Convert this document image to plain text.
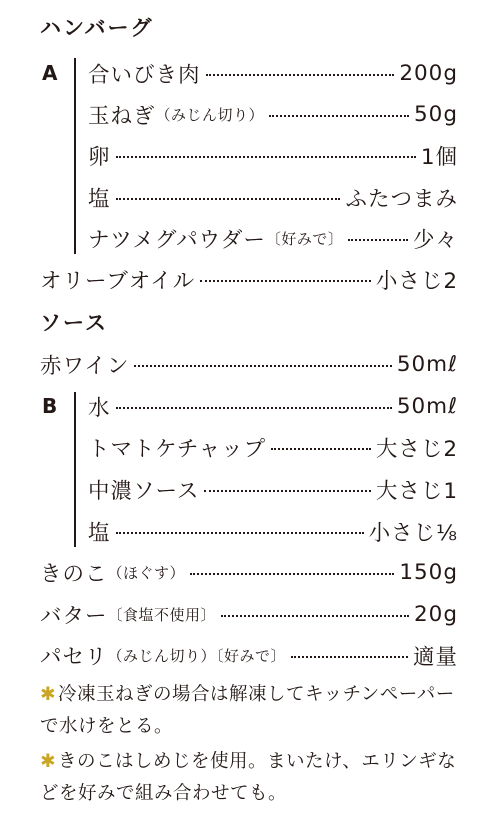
ハンバーグ
A 合いびき肉	200g
玉ねぎ （みじん切り）	50g
卵	1個
塩	ふたつまみ
ナツメグパウダー 〔好みで〕	少々
オリーブオイル	小さじ2
ソース
赤ワイン	50mℓ
B 水	50mℓ
トマトケチャップ	大さじ2
中濃ソース	大さじ1
塩	小さじ⅛
きのこ （ほぐす）	150g
バター 〔食塩不使用〕	20g
パセリ （みじん切り）〔好みで〕	適量
✱ 冷凍玉ねぎの場合は解凍してキッチンペーパーで水けをとる。
✱ きのこはしめじを使用。まいたけ、エリンギなどを好みで組み合わせても。
